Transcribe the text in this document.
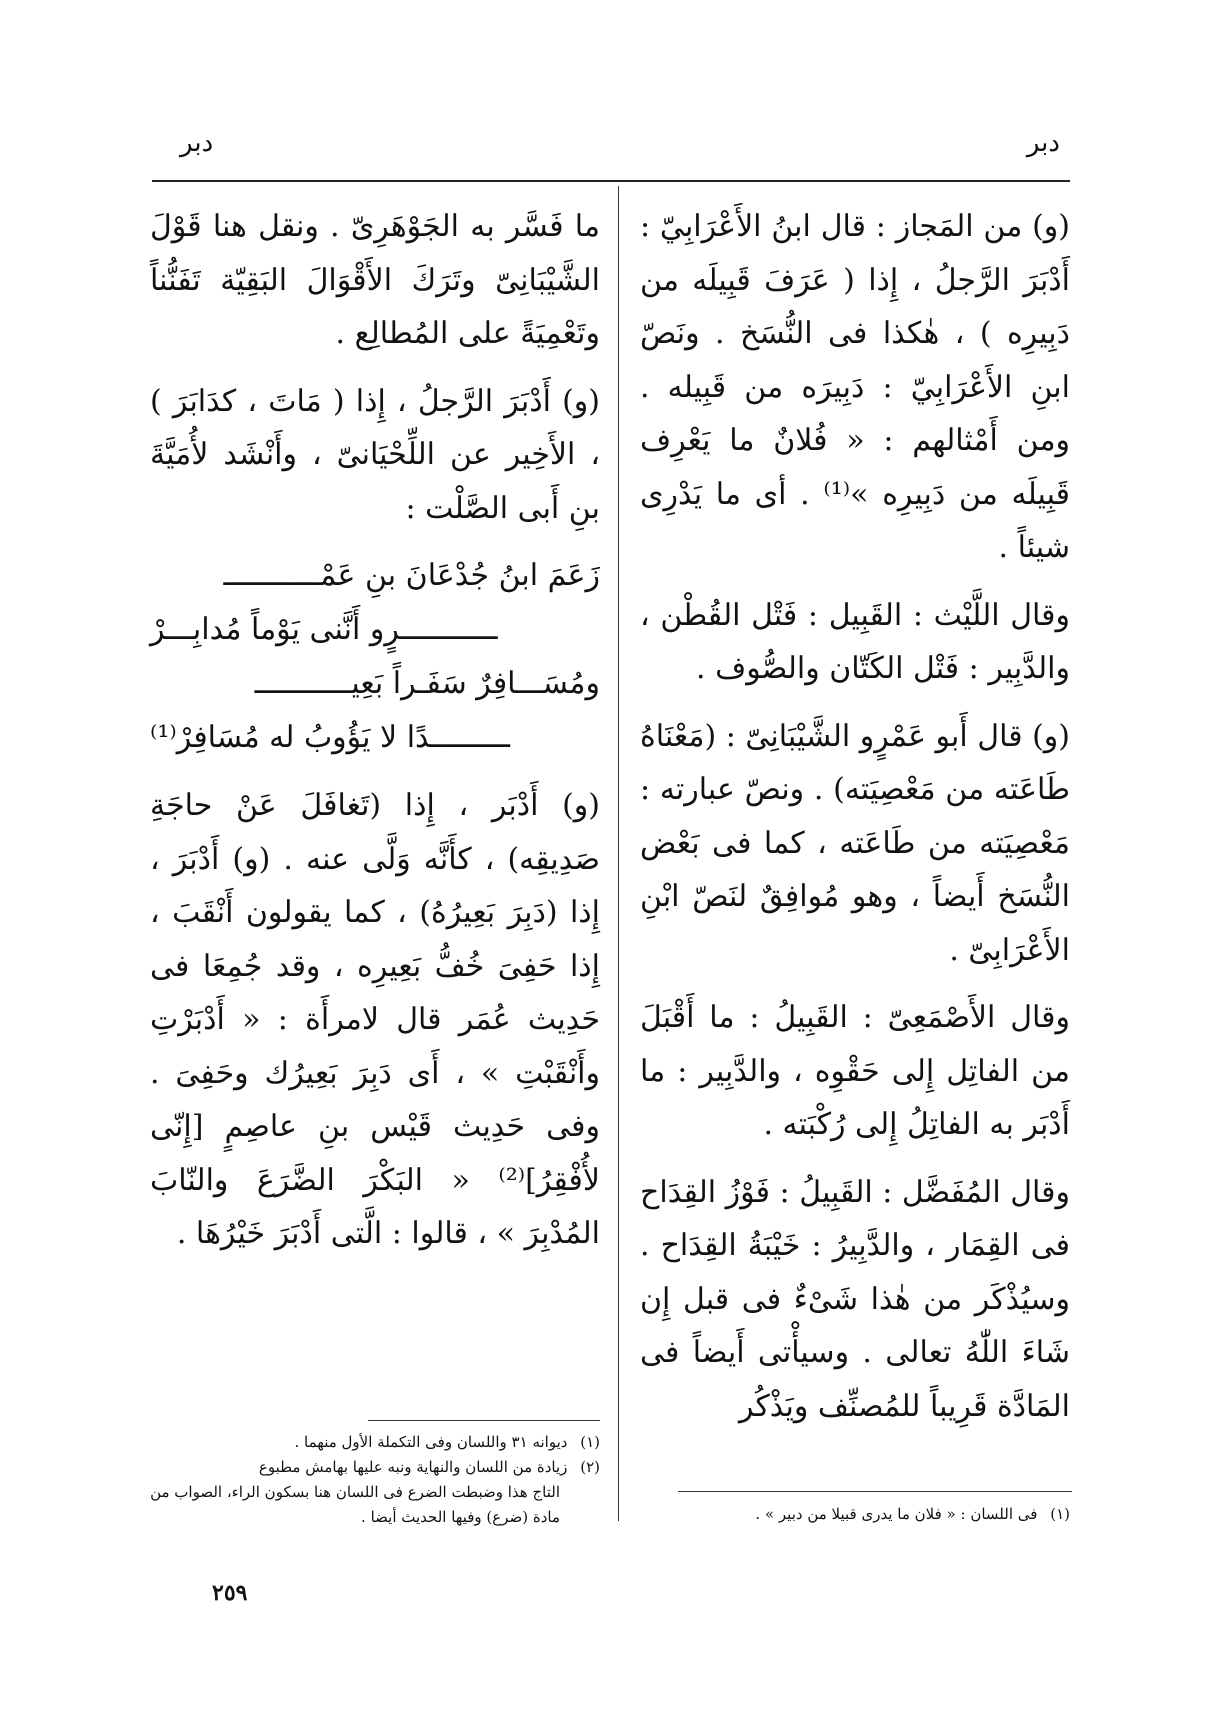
دبر
دبر

(و) من المَجاز : قال ابنُ الأَعْرَابِيّ : أَدْبَرَ الرَّجلُ ، إِذا ( عَرَفَ قَبِيلَه من دَبِيرِه ) ، هٰكذا فى النُّسَخ . ونَصّ ابنِ الأَعْرَابِيّ : دَبِيرَه من قَبِيله . ومن أَمْثالهم : « فُلانٌ ما يَعْرِف قَبِيلَه من دَبِيرِه »⁽¹⁾ . أى ما يَدْرِى شيئاً .

وقال اللَّيْث : القَبِيل : فَتْل القُطْن ، والدَّبِير : فَتْل الكَتّان والصُّوف .

(و) قال أَبو عَمْرٍو الشَّيْبَانِىّ : (مَعْنَاهُ طَاعَته من مَعْصِيَته) . ونصّ عبارته : مَعْصِيَته من طَاعَته ، كما فى بَعْض النُّسَخ أَيضاً ، وهو مُوافِقٌ لنَصّ ابْنِ الأَعْرَابِىّ .

وقال الأَصْمَعِىّ : القَبِيلُ : ما أَقْبَلَ من الفاتِل إِلى حَقْوِه ، والدَّبِير : ما أَدْبَر به الفاتِلُ إِلى رُكْبَته .

وقال المُفَضَّل : القَبِيلُ : فَوْزُ القِدَاح فى القِمَار ، والدَّبِيرُ : خَيْبَةُ القِدَاح . وسيُذْكَر من هٰذا شَىْءٌ فى قبل إِن شَاءَ اللّٰهُ تعالى . وسيأْتى أَيضاً فى المَادَّة قَرِيباً للمُصنِّف ويَذْكُر

ما فَسَّر به الجَوْهَرِىّ . ونقل هنا قَوْلَ الشَّيْبَانِىّ وتَرَكَ الأَقْوَالَ البَقِيّة تَفَنُّناً وتَعْمِيَةً على المُطالِع .

(و) أَدْبَرَ الرَّجلُ ، إِذا ( مَاتَ ، كدَابَرَ ) ، الأَخِير عن اللِّحْيَانىّ ، وأَنْشَد لأُمَيَّةَ بنِ أَبى الصَّلْت :

زَعَمَ ابنُ جُدْعَانَ بنِ عَمْـــــــــــ
ـــــــــــرٍو أَنَّنى يَوْماً مُدابِـــرْ
ومُسَـــافِرٌ سَفَـراً بَعِيـــــــــــ
ـــــــــدًا لا يَؤُوبُ له مُسَافِرْ⁽¹⁾

(و) أَدْبَر ، إِذا (تَغافَلَ عَنْ حاجَةِ صَدِيقِه) ، كأَنَّه وَلَّى عنه . (و) أَدْبَرَ ، إِذا (دَبِرَ بَعِيرُهُ) ، كما يقولون أَنْقَبَ ، إِذا حَفِىَ خُفُّ بَعِيرِه ، وقد جُمِعَا فى حَدِيث عُمَر قال لامرأَة : « أَدْبَرْتِ وأَنْقَبْتِ » ، أَى دَبِرَ بَعِيرُك وحَفِىَ . وفى حَدِيث قَيْس بنِ عاصِمٍ [إِنّى لأُفْقِرُ]⁽²⁾ « البَكْرَ الضَّرَعَ والنّابَ المُدْبِرَ » ، قالوا : الَّتى أَدْبَرَ خَيْرُهَا .

(١) ديوانه ٣١ واللسان وفى التكملة الأول منهما .

(٢) زيادة من اللسان والنهاية ونبه عليها بهامش مطبوع
التاج هذا وضبطت الضرع فى اللسان هنا بسكون الراء، الصواب من مادة (ضرع) وفيها الحديث أيضا .	(١) فى اللسان : « فلان ما يدرى قبيلا من دبير » .

٢٥٩
